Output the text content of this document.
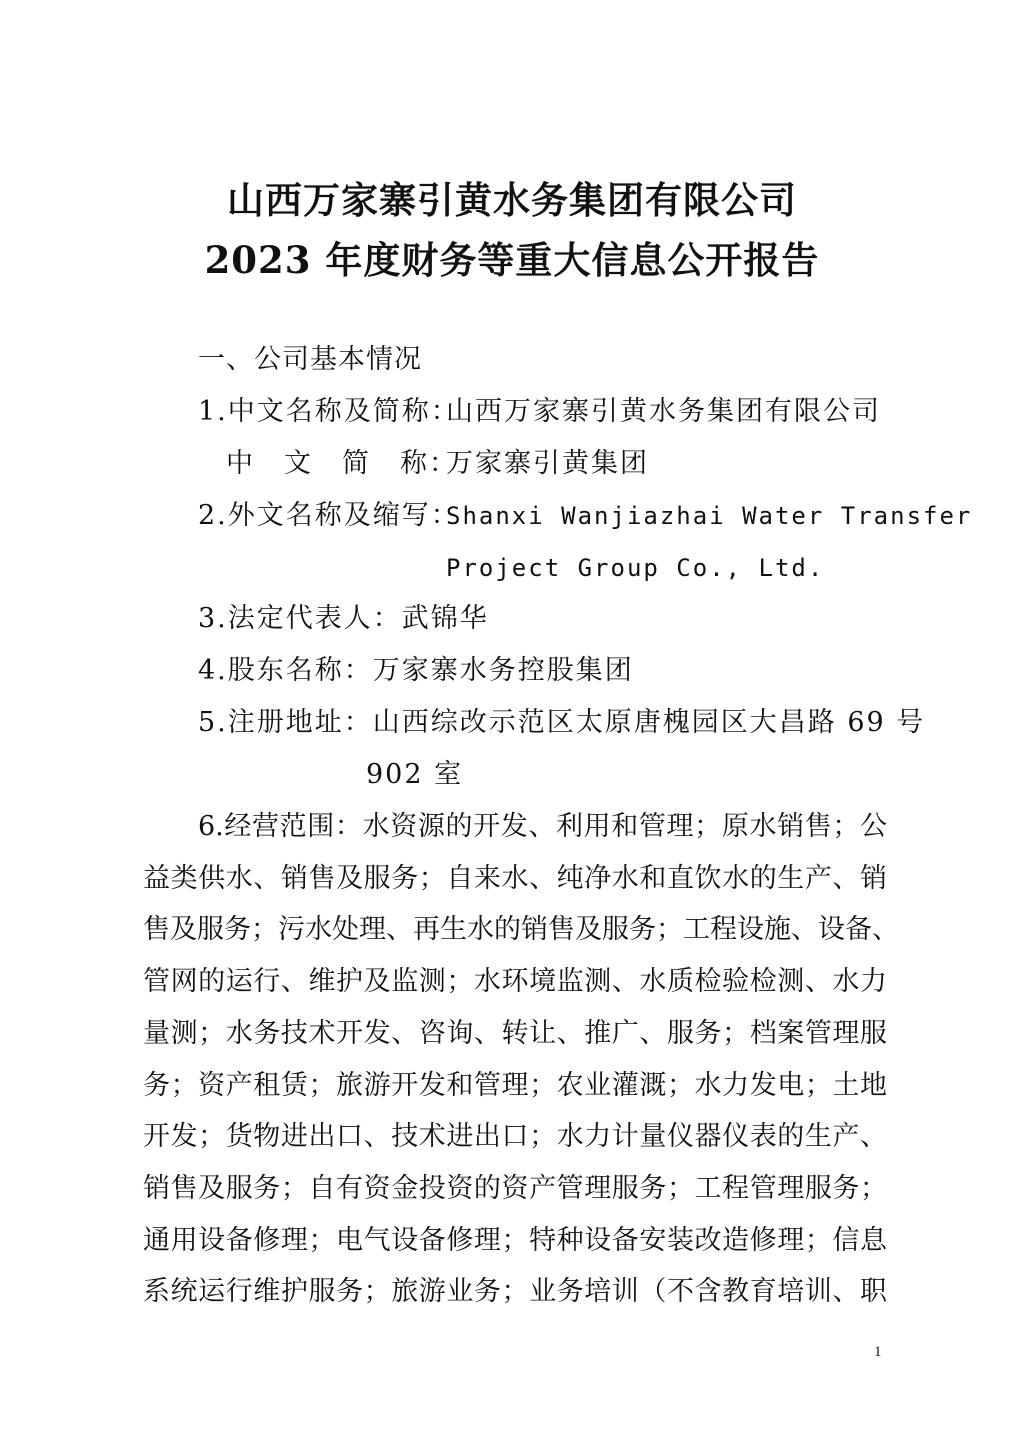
山西万家寨引黄水务集团有限公司
2023 年度财务等重大信息公开报告
一、公司基本情况
1.中文名称及简称：
山西万家寨引黄水务集团有限公司
中　文　简　称：
万家寨引黄集团
2.外文名称及缩写：
Shanxi Wanjiazhai Water Transfer
Project Group Co., Ltd.
3.法定代表人：武锦华
4.股东名称：万家寨水务控股集团
5.注册地址：山西综改示范区太原唐槐园区大昌路 69 号
902 室
6.经营范围：水资源的开发、利用和管理；原水销售；公
益类供水、销售及服务；自来水、纯净水和直饮水的生产、销
售及服务；污水处理、再生水的销售及服务；工程设施、设备、
管网的运行、维护及监测；水环境监测、水质检验检测、水力
量测；水务技术开发、咨询、转让、推广、服务；档案管理服
务；资产租赁；旅游开发和管理；农业灌溉；水力发电；土地
开发；货物进出口、技术进出口；水力计量仪器仪表的生产、
销售及服务；自有资金投资的资产管理服务；工程管理服务；
通用设备修理；电气设备修理；特种设备安装改造修理；信息
系统运行维护服务；旅游业务；业务培训（不含教育培训、职
1
